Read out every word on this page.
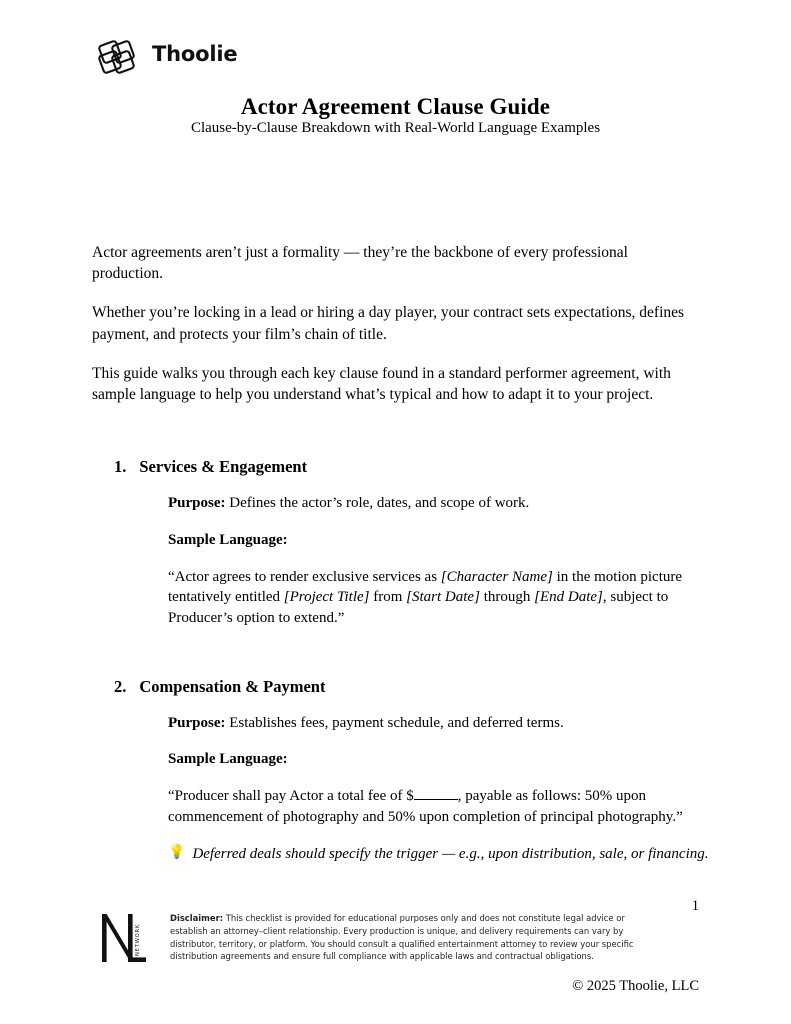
Thoolie
Actor Agreement Clause Guide
Clause-by-Clause Breakdown with Real-World Language Examples

Actor agreements aren’t just a formality — they’re the backbone of every professional production.

Whether you’re locking in a lead or hiring a day player, your contract sets expectations, defines payment, and protects your film’s chain of title.

This guide walks you through each key clause found in a standard performer agreement, with sample language to help you understand what’s typical and how to adapt it to your project.

1. Services & Engagement

Purpose: Defines the actor’s role, dates, and scope of work.

Sample Language:

“Actor agrees to render exclusive services as [Character Name] in the motion picture tentatively entitled [Project Title] from [Start Date] through [End Date], subject to Producer’s option to extend.”

2. Compensation & Payment

Purpose: Establishes fees, payment schedule, and deferred terms.

Sample Language:

“Producer shall pay Actor a total fee of $	, payable as follows: 50% upon commencement of photography and 50% upon completion of principal photography.”

💡 Deferred deals should specify the trigger — e.g., upon distribution, sale, or financing.
1
NETWORK
Disclaimer: This checklist is provided for educational purposes only and does not constitute legal advice or establish an attorney–client relationship. Every production is unique, and delivery requirements can vary by distributor, territory, or platform. You should consult a qualified entertainment attorney to review your specific distribution agreements and ensure full compliance with applicable laws and contractual obligations.
© 2025 Thoolie, LLC
